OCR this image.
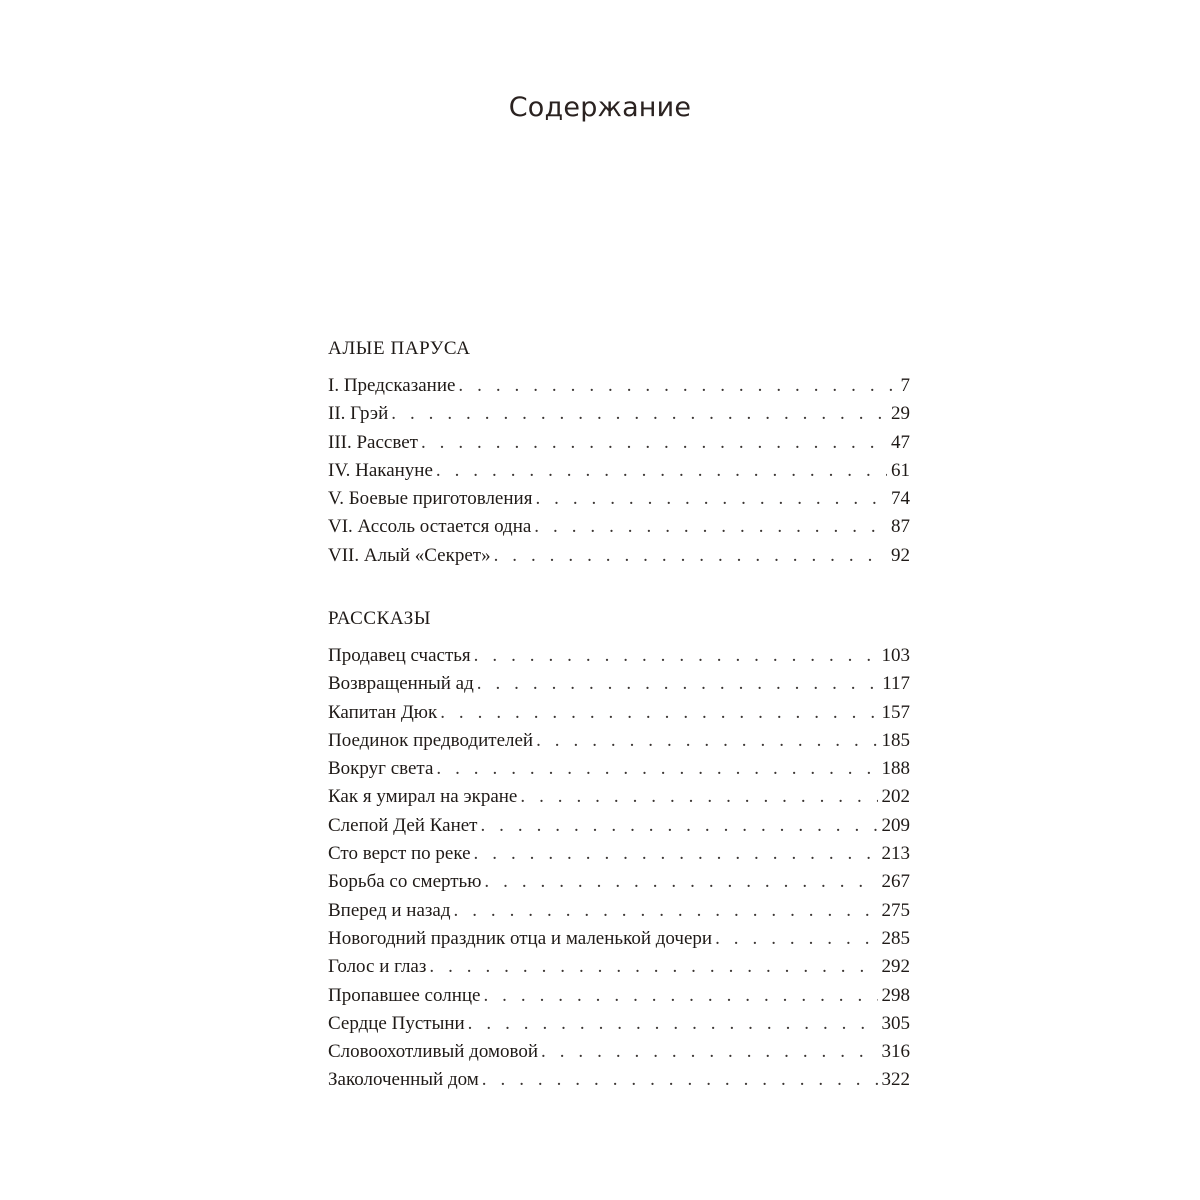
Содержание
АЛЫЕ ПАРУСА
I. Предсказание . . .	7
II. Грэй . . .	29
III. Рассвет . . .	47
IV. Накануне . . .	61
V. Боевые приготовления . . .	74
VI. Ассоль остается одна . . .	87
VII. Алый «Секрет» . . .	92
РАССКАЗЫ
Продавец счастья . . .	103
Возвращенный ад . . .	117
Капитан Дюк . . .	157
Поединок предводителей . . .	185
Вокруг света . . .	188
Как я умирал на экране . . .	202
Слепой Дей Канет . . .	209
Сто верст по реке . . .	213
Борьба со смертью . . .	267
Вперед и назад . . .	275
Новогодний праздник отца и маленькой дочери . . .	285
Голос и глаз . . .	292
Пропавшее солнце . . .	298
Сердце Пустыни . . .	305
Словоохотливый домовой . . .	316
Заколоченный дом . . .	322
